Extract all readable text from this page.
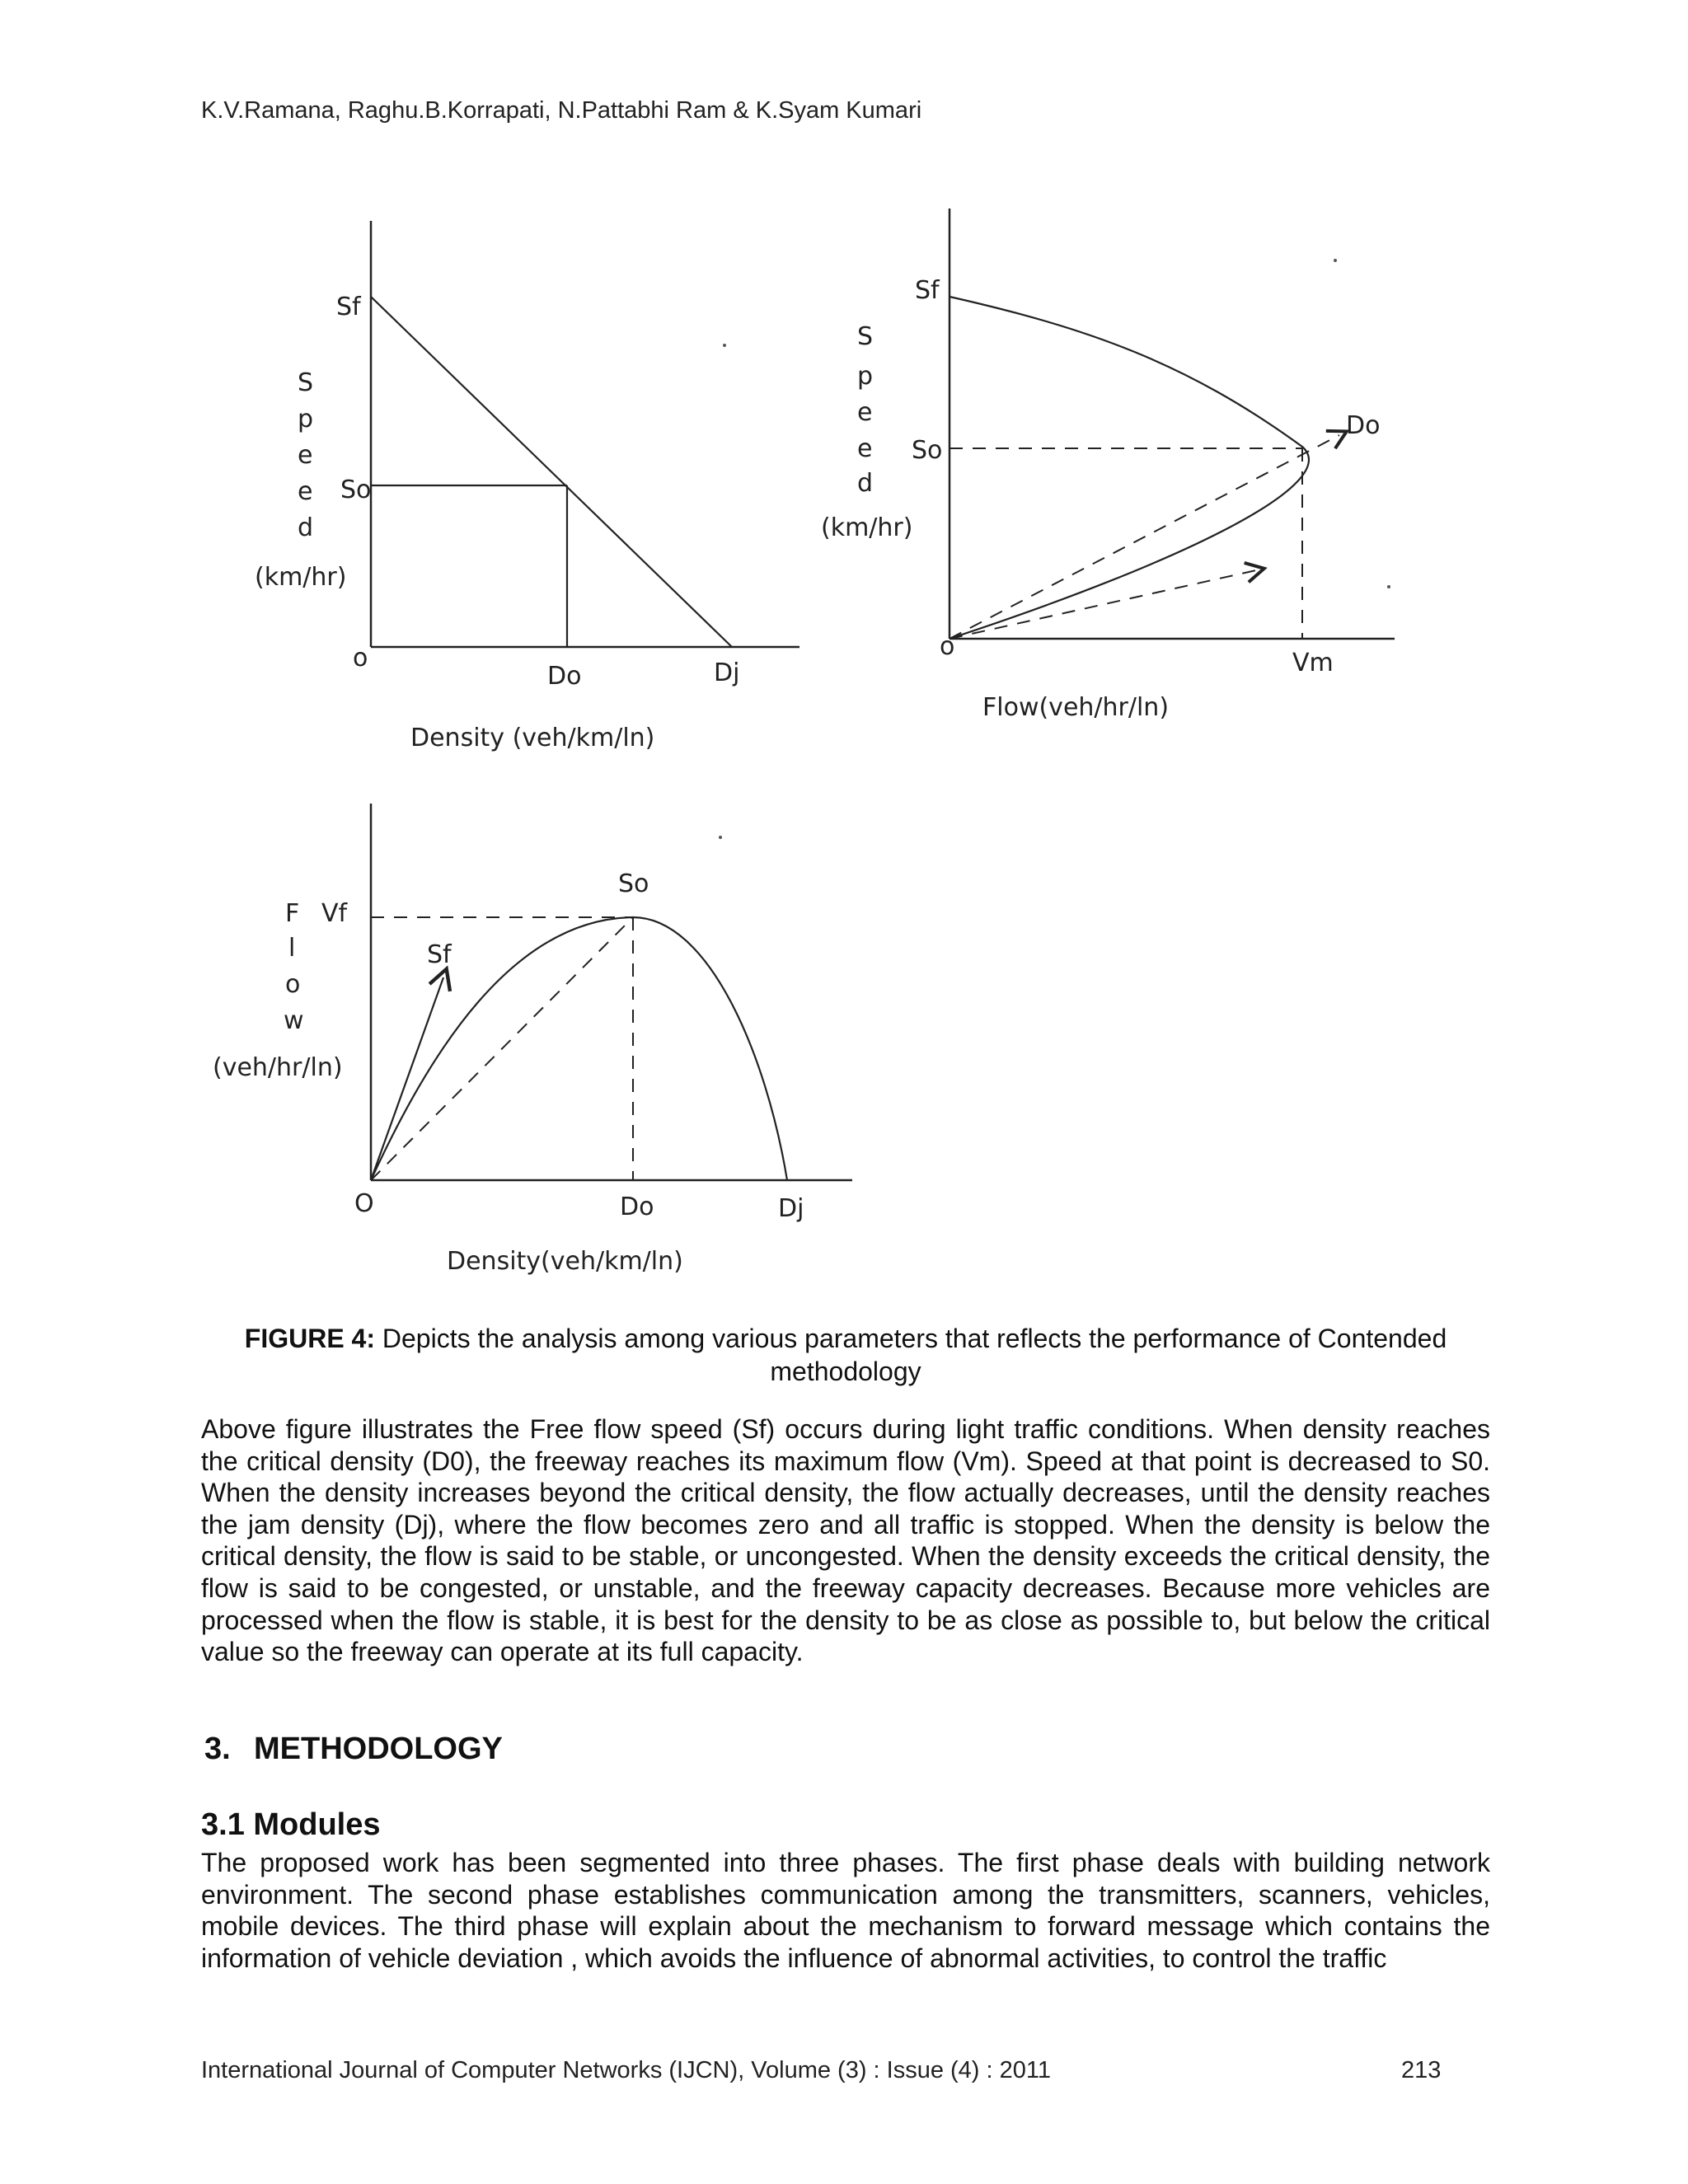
K.V.Ramana, Raghu.B.Korrapati, N.Pattabhi Ram & K.Syam Kumari
Sf
So
o
Do	Dj
S
p
e
e
d
(km/hr)
Density (veh/km/ln)
Sf
So
Do
o
Vm
S
p
e
e
d
(km/hr)
Flow(veh/hr/ln)
So
Sf
Vf
O	Do	Dj
F
l
o
w
(veh/hr/ln)
Density(veh/km/ln)
FIGURE 4: Depicts the analysis among various parameters that reflects the performance of Contended methodology

Above figure illustrates the Free flow speed (Sf) occurs during light traffic conditions. When density reaches the critical density (D0), the freeway reaches its maximum flow (Vm). Speed at that point is decreased to S0. When the density increases beyond the critical density, the flow actually decreases, until the density reaches the jam density (Dj), where the flow becomes zero and all traffic is stopped. When the density is below the critical density, the flow is said to be stable, or uncongested. When the density exceeds the critical density, the flow is said to be congested, or unstable, and the freeway capacity decreases. Because more vehicles are processed when the flow is stable, it is best for the density to be as close as possible to, but below the critical value so the freeway can operate at its full capacity.

3. METHODOLOGY
3.1 Modules

The proposed work has been segmented into three phases. The first phase deals with building network environment. The second phase establishes communication among the transmitters, scanners, vehicles, mobile devices. The third phase will explain about the mechanism to forward message which contains the information of vehicle deviation , which avoids the influence of abnormal activities, to control the traffic

International Journal of Computer Networks (IJCN), Volume (3) : Issue (4) : 2011	213
